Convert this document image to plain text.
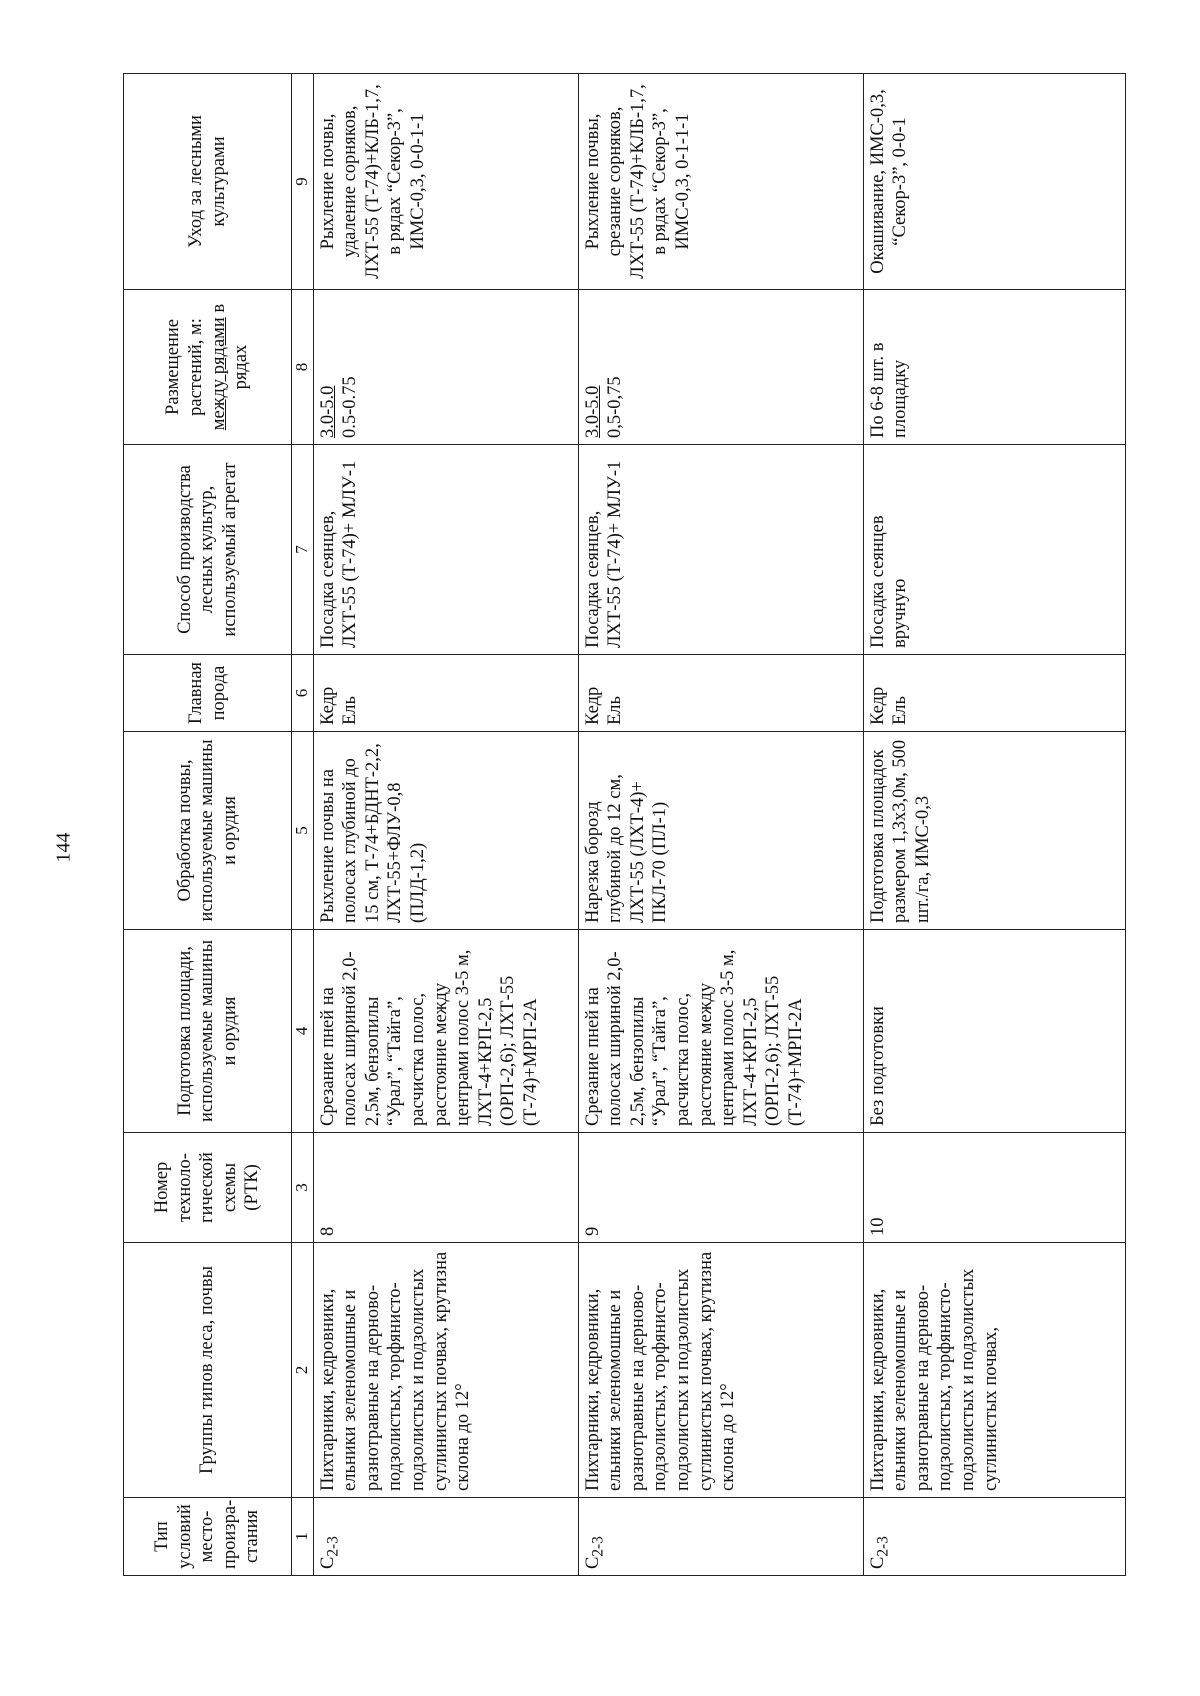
144
Тип условий место-произра-стания	Группы типов леса, почвы	Номер техноло-гической схемы (РТК)	Подготовка площади, используемые машины и орудия	Обработка почвы, используемые машины и орудия	Главная порода	Способ производства лесных культур, используемый агрегат	Размещение растений, м: между рядами в рядах	Уход за лесными культурами
1	2	3	4	5	6	7	8	9
$С_{2-3}$	Пихтарники, кедровники, ельники зеленомошные и разнотравные на дерново-подзолистых, торфянисто-подзолистых и подзолистых суглинистых почвах, крутизна склона до 12°	8	Срезание пней на полосах шириной 2,0-2,5м, бензопилы “Урал”, “Тайга”, расчистка полос, расстояние между центрами полос 3-5 м, ЛХТ-4+КРП-2,5 (ОРП-2,6); ЛХТ-55 (Т-74)+МРП-2А	Рыхление почвы на полосах глубиной до 15 см, Т-74+БДНТ-2,2, ЛХТ-55+ФЛУ-0,8 (ПЛД-1,2)	Кедр Ель	Посадка сеянцев, ЛХТ-55 (Т-74)+ МЛУ-1	3.0-5.0 0.5-0.75	Рыхление почвы, удаление сорняков, ЛХТ-55 (Т-74)+КЛБ-1,7, в рядах “Секор-3”, ИМС-0,3, 0-0-1-1
$С_{2-3}$	Пихтарники, кедровники, ельники зеленомошные и разнотравные на дерново-подзолистых, торфянисто-подзолистых и подзолистых суглинистых почвах, крутизна склона до 12°	9	Срезание пней на полосах шириной 2,0-2,5м, бензопилы “Урал”, “Тайга”, расчистка полос, расстояние между центрами полос 3-5 м, ЛХТ-4+КРП-2,5 (ОРП-2,6); ЛХТ-55 (Т-74)+МРП-2А	Нарезка борозд глубиной до 12 см, ЛХТ-55 (ЛХТ-4)+ ПКЛ-70 (ПЛ-1)	Кедр Ель	Посадка сеянцев, ЛХТ-55 (Т-74)+ МЛУ-1	3.0-5.0 0,5-0,75	Рыхление почвы, срезание сорняков, ЛХТ-55 (Т-74)+КЛБ-1,7, в рядах “Секор-3”, ИМС-0,3, 0-1-1-1
$С_{2-3}$	Пихтарники, кедровники, ельники зеленомошные и разнотравные на дерново-подзолистых, торфянисто-подзолистых и подзолистых суглинистых почвах,	10	Без подготовки	Подготовка площадок размером 1,3х3,0м, 500 шт./га, ИМС-0,3	Кедр Ель	Посадка сеянцев вручную	По 6-8 шт. в площадку	Окашивание, ИМС-0,3, “Секор-3”, 0-0-1
